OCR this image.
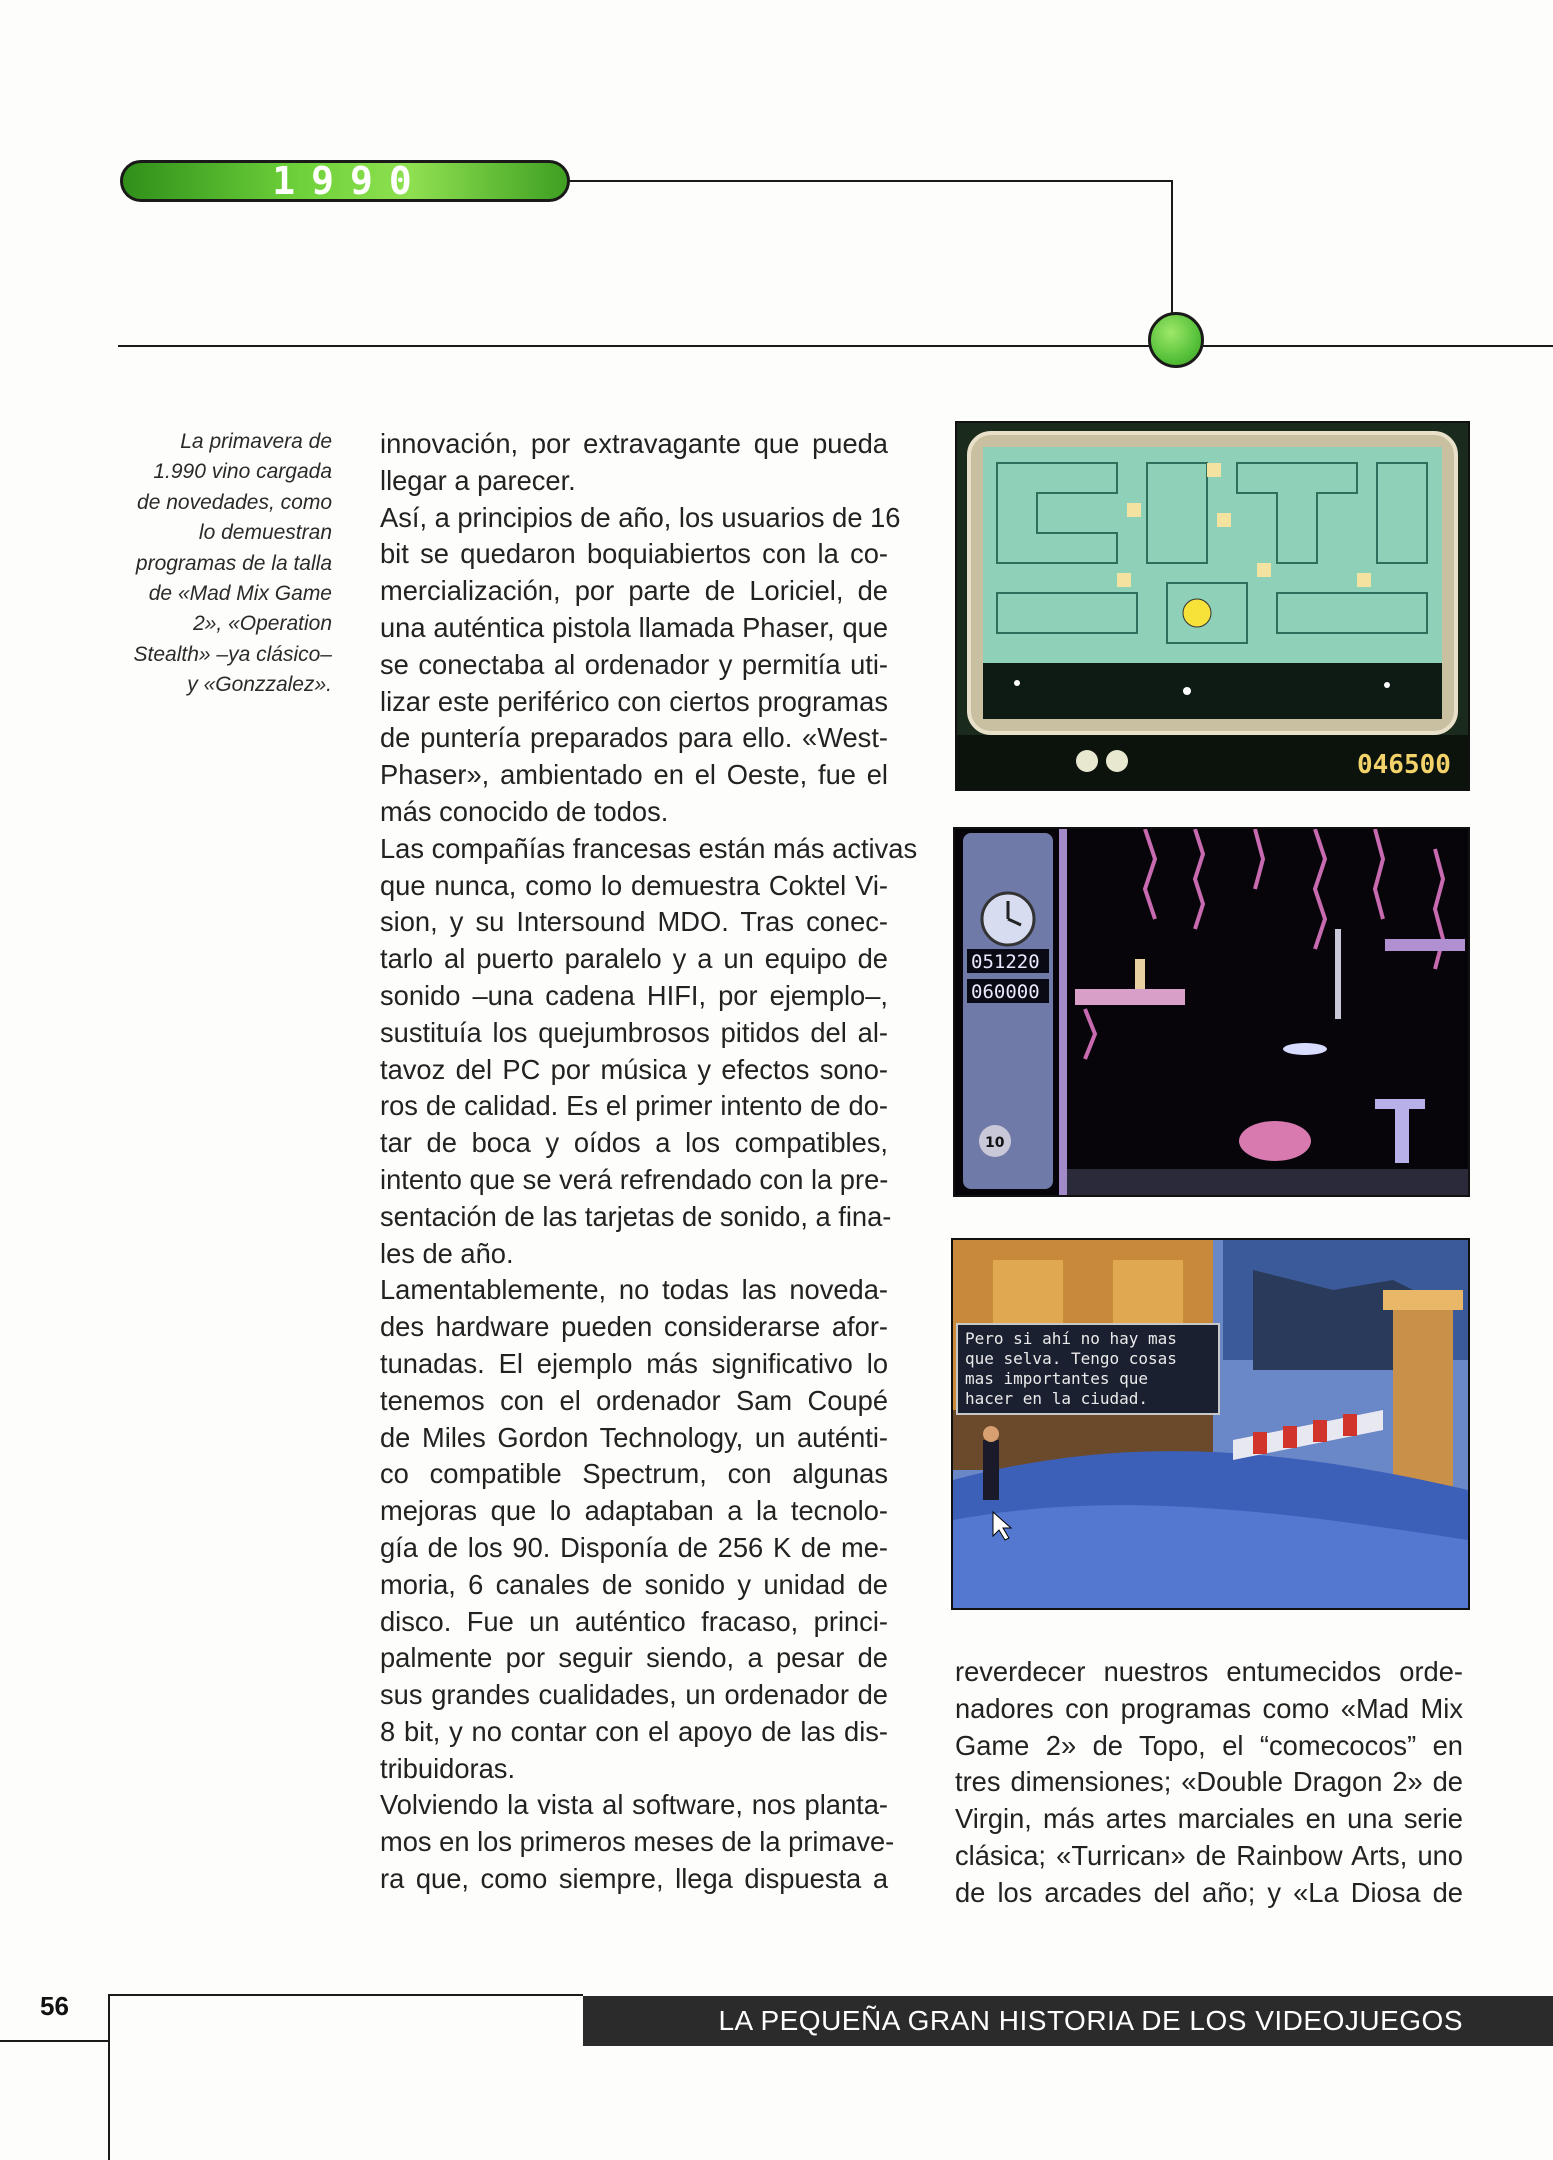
1990
La primavera de
1.990 vino cargada
de novedades, como
lo demuestran
programas de la talla
de «Mad Mix Game
2», «Operation
Stealth» –ya clásico–
y «Gonzzalez».
innovación, por extravagante que pueda
llegar a parecer.
Así, a principios de año, los usuarios de 16
bit se quedaron boquiabiertos con la co-
mercialización, por parte de Loriciel, de
una auténtica pistola llamada Phaser, que
se conectaba al ordenador y permitía uti-
lizar este periférico con ciertos programas
de puntería preparados para ello. «West-
Phaser», ambientado en el Oeste, fue el
más conocido de todos.
Las compañías francesas están más activas
que nunca, como lo demuestra Coktel Vi-
sion, y su Intersound MDO. Tras conec-
tarlo al puerto paralelo y a un equipo de
sonido –una cadena HIFI, por ejemplo–,
sustituía los quejumbrosos pitidos del al-
tavoz del PC por música y efectos sono-
ros de calidad. Es el primer intento de do-
tar de boca y oídos a los compatibles,
intento que se verá refrendado con la pre-
sentación de las tarjetas de sonido, a fina-
les de año.
Lamentablemente, no todas las noveda-
des hardware pueden considerarse afor-
tunadas. El ejemplo más significativo lo
tenemos con el ordenador Sam Coupé
de Miles Gordon Technology, un auténti-
co compatible Spectrum, con algunas
mejoras que lo adaptaban a la tecnolo-
gía de los 90. Disponía de 256 K de me-
moria, 6 canales de sonido y unidad de
disco. Fue un auténtico fracaso, princi-
palmente por seguir siendo, a pesar de
sus grandes cualidades, un ordenador de
8 bit, y no contar con el apoyo de las dis-
tribuidoras.
Volviendo la vista al software, nos planta-
mos en los primeros meses de la primave-
ra que, como siempre, llega dispuesta a
reverdecer nuestros entumecidos orde-
nadores con programas como «Mad Mix
Game 2» de Topo, el “comecocos” en
tres dimensiones; «Double Dragon 2» de
Virgin, más artes marciales en una serie
clásica; «Turrican» de Rainbow Arts, uno
de los arcades del año; y «La Diosa de
046500
051220
060000
10
Pero si ahí no hay mas
que selva. Tengo cosas
mas importantes que
hacer en la ciudad.
56	LA PEQUEÑA GRAN HISTORIA DE LOS VIDEOJUEGOS
